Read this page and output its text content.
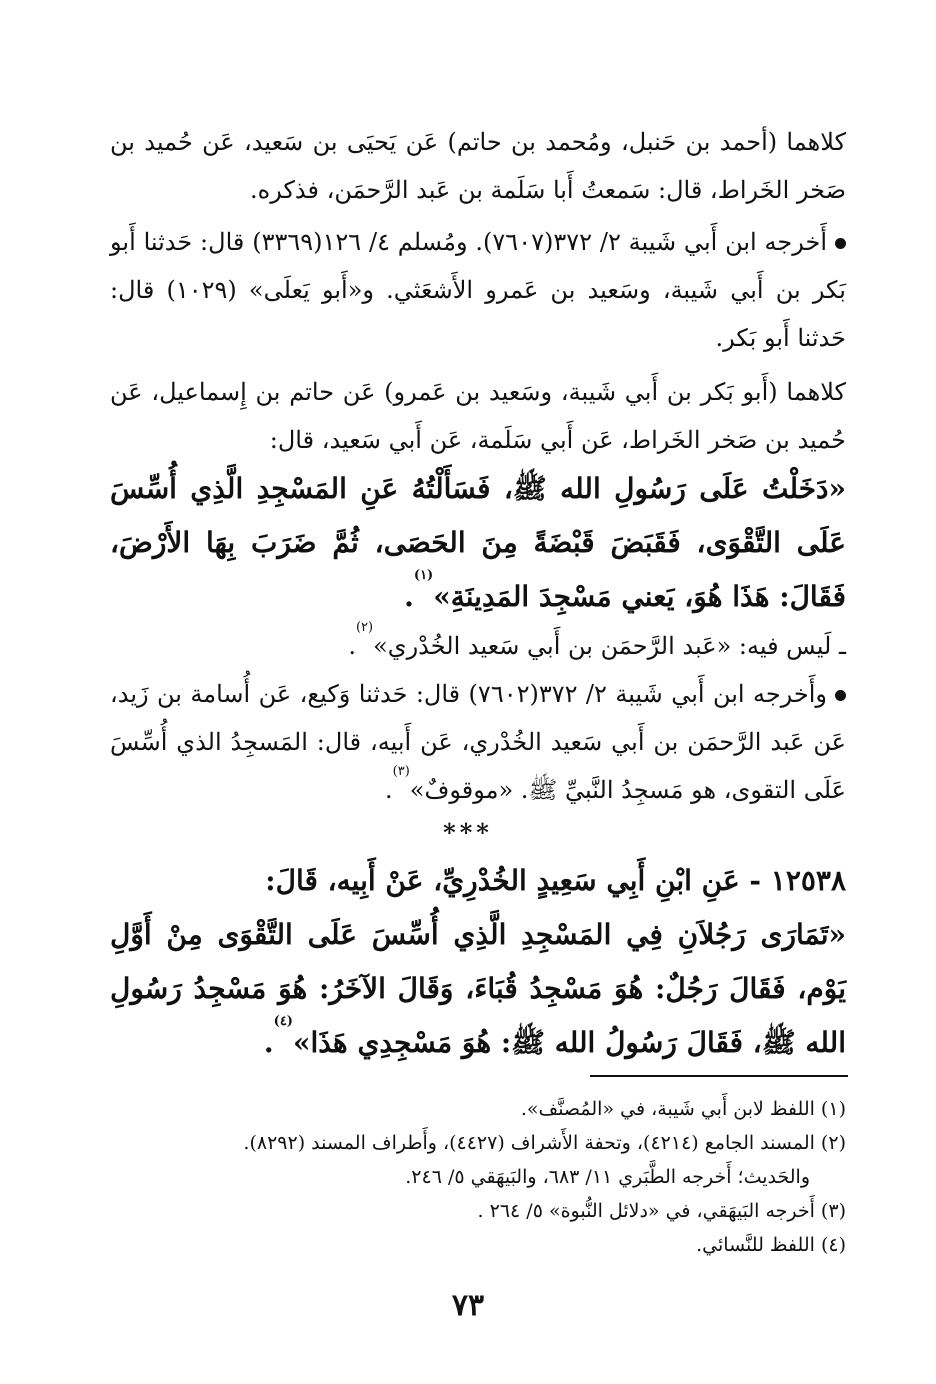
كلاهما (أحمد بن حَنبل، ومُحمد بن حاتم) عَن يَحيَى بن سَعيد، عَن حُميد بن صَخر الخَراط، قال: سَمعتُ أَبا سَلَمة بن عَبد الرَّحمَن، فذكره.

أَخرجه ابن أَبي شَيبة ٢/ ٣٧٢(٧٦٠٧). ومُسلم ٤/ ١٢٦(٣٣٦٩) قال: حَدثنا أَبو بَكر بن أَبي شَيبة، وسَعيد بن عَمرو الأَشعَثي. و«أَبو يَعلَى» (١٠٢٩) قال: حَدثنا أَبو بَكر.

كلاهما (أَبو بَكر بن أَبي شَيبة، وسَعيد بن عَمرو) عَن حاتم بن إِسماعيل، عَن حُميد بن صَخر الخَراط، عَن أَبي سَلَمة، عَن أَبي سَعيد، قال:

«دَخَلْتُ عَلَى رَسُولِ الله ﷺ، فَسَأَلْتُهُ عَنِ المَسْجِدِ الَّذِي أُسِّسَ عَلَى التَّقْوَى، فَقَبَضَ قَبْضَةً مِنَ الحَصَى، ثُمَّ ضَرَبَ بِهَا الأَرْضَ، فَقَالَ: هَذَا هُوَ، يَعني مَسْجِدَ المَدِينَةِ»$^{(١)}$.

ـ لَيس فيه: «عَبد الرَّحمَن بن أَبي سَعيد الخُدْري»$^{(٢)}$.

وأَخرجه ابن أَبي شَيبة ٢/ ٣٧٢(٧٦٠٢) قال: حَدثنا وَكيع، عَن أُسامة بن زَيد، عَن عَبد الرَّحمَن بن أَبي سَعيد الخُدْري، عَن أَبيه، قال: المَسجِدُ الذي أُسِّسَ عَلَى التقوى، هو مَسجِدُ النَّبيِّ ﷺ. «موقوفٌ»$^{(٣)}$.

***

١٢٥٣٨ - عَنِ ابْنِ أَبِي سَعِيدٍ الخُدْرِيِّ، عَنْ أَبِيه، قَالَ:

«تَمَارَى رَجُلاَنِ فِي المَسْجِدِ الَّذِي أُسِّسَ عَلَى التَّقْوَى مِنْ أَوَّلِ يَوْم، فَقَالَ رَجُلٌ: هُوَ مَسْجِدُ قُبَاءَ، وَقَالَ الآخَرُ: هُوَ مَسْجِدُ رَسُولِ الله ﷺ، فَقَالَ رَسُولُ الله ﷺ: هُوَ مَسْجِدِي هَذَا»$^{(٤)}$.

(١) اللفظ لابن أَبي شَيبة، في «المُصنَّف».

(٢) المسند الجامع (٤٢١٤)، وتحفة الأَشراف (٤٤٢٧)، وأَطراف المسند (٨٢٩٢).

والحَديث؛ أَخرجه الطَّبَري ١١/ ٦٨٣، والبَيهَقي ٥/ ٢٤٦.

(٣) أَخرجه البَيهَقي، في «دلائل النُّبوة» ٥/ ٢٦٤ .

(٤) اللفظ للنَّسائي.

٧٣
